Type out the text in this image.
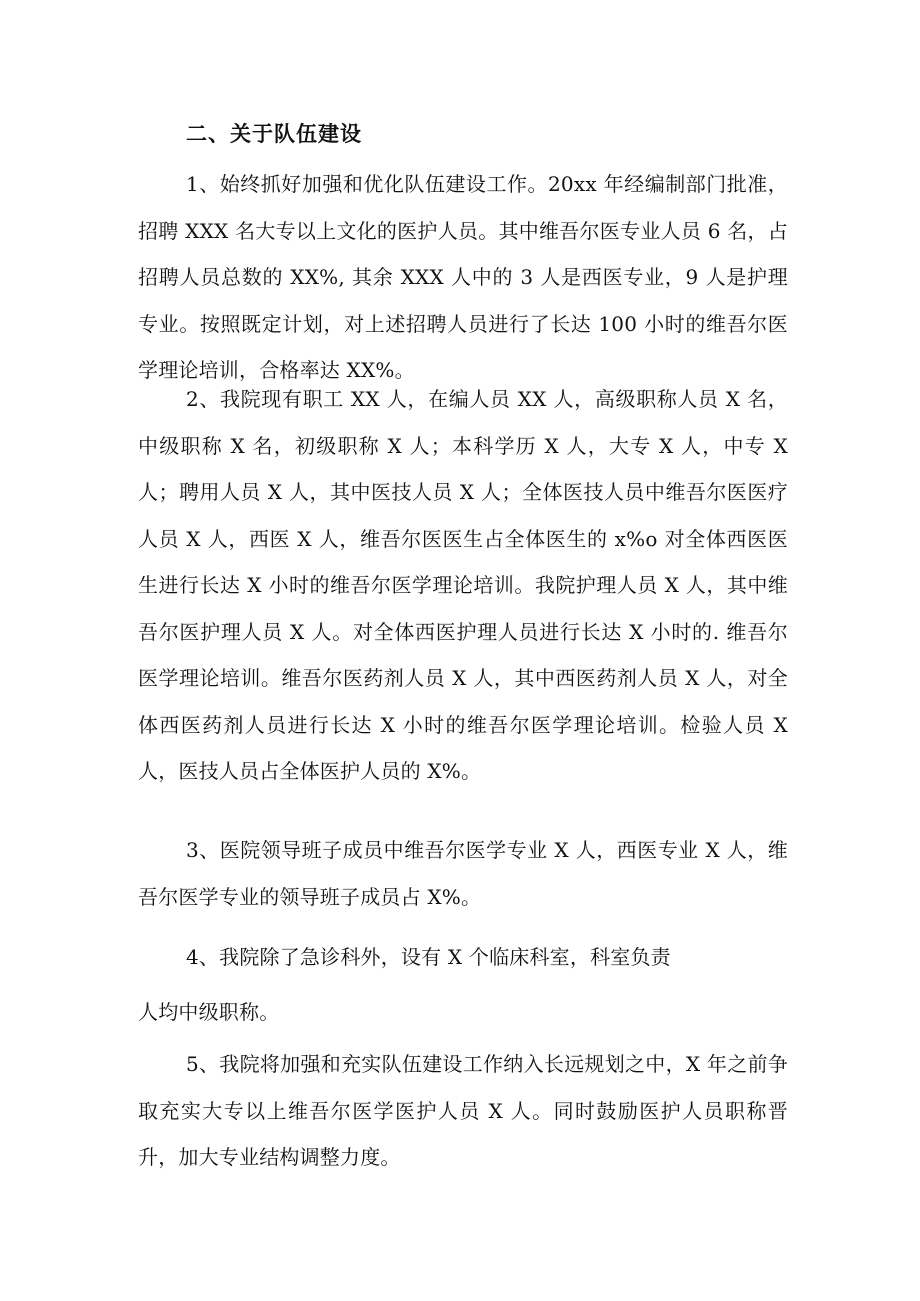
二、关于队伍建设

1、始终抓好加强和优化队伍建设工作。20xx 年经编制部门批准，招聘 XXX 名大专以上文化的医护人员。其中维吾尔医专业人员 6 名，占招聘人员总数的 XX%, 其余 XXX 人中的 3 人是西医专业，9 人是护理专业。按照既定计划，对上述招聘人员进行了长达 100 小时的维吾尔医学理论培训，合格率达 XX%。

2、我院现有职工 XX 人，在编人员 XX 人，高级职称人员 X 名，中级职称 X 名，初级职称 X 人；本科学历 X 人，大专 X 人，中专 X 人；聘用人员 X 人，其中医技人员 X 人；全体医技人员中维吾尔医医疗人员 X 人，西医 X 人，维吾尔医医生占全体医生的 x%o 对全体西医医生进行长达 X 小时的维吾尔医学理论培训。我院护理人员 X 人，其中维吾尔医护理人员 X 人。对全体西医护理人员进行长达 X 小时的. 维吾尔医学理论培训。维吾尔医药剂人员 X 人，其中西医药剂人员 X 人，对全体西医药剂人员进行长达 X 小时的维吾尔医学理论培训。检验人员 X 人，医技人员占全体医护人员的 X%。

3、医院领导班子成员中维吾尔医学专业 X 人，西医专业 X 人，维吾尔医学专业的领导班子成员占 X%。

4、我院除了急诊科外，设有 X 个临床科室，科室负责
人均中级职称。

5、我院将加强和充实队伍建设工作纳入长远规划之中，X 年之前争取充实大专以上维吾尔医学医护人员 X 人。同时鼓励医护人员职称晋升，加大专业结构调整力度。
